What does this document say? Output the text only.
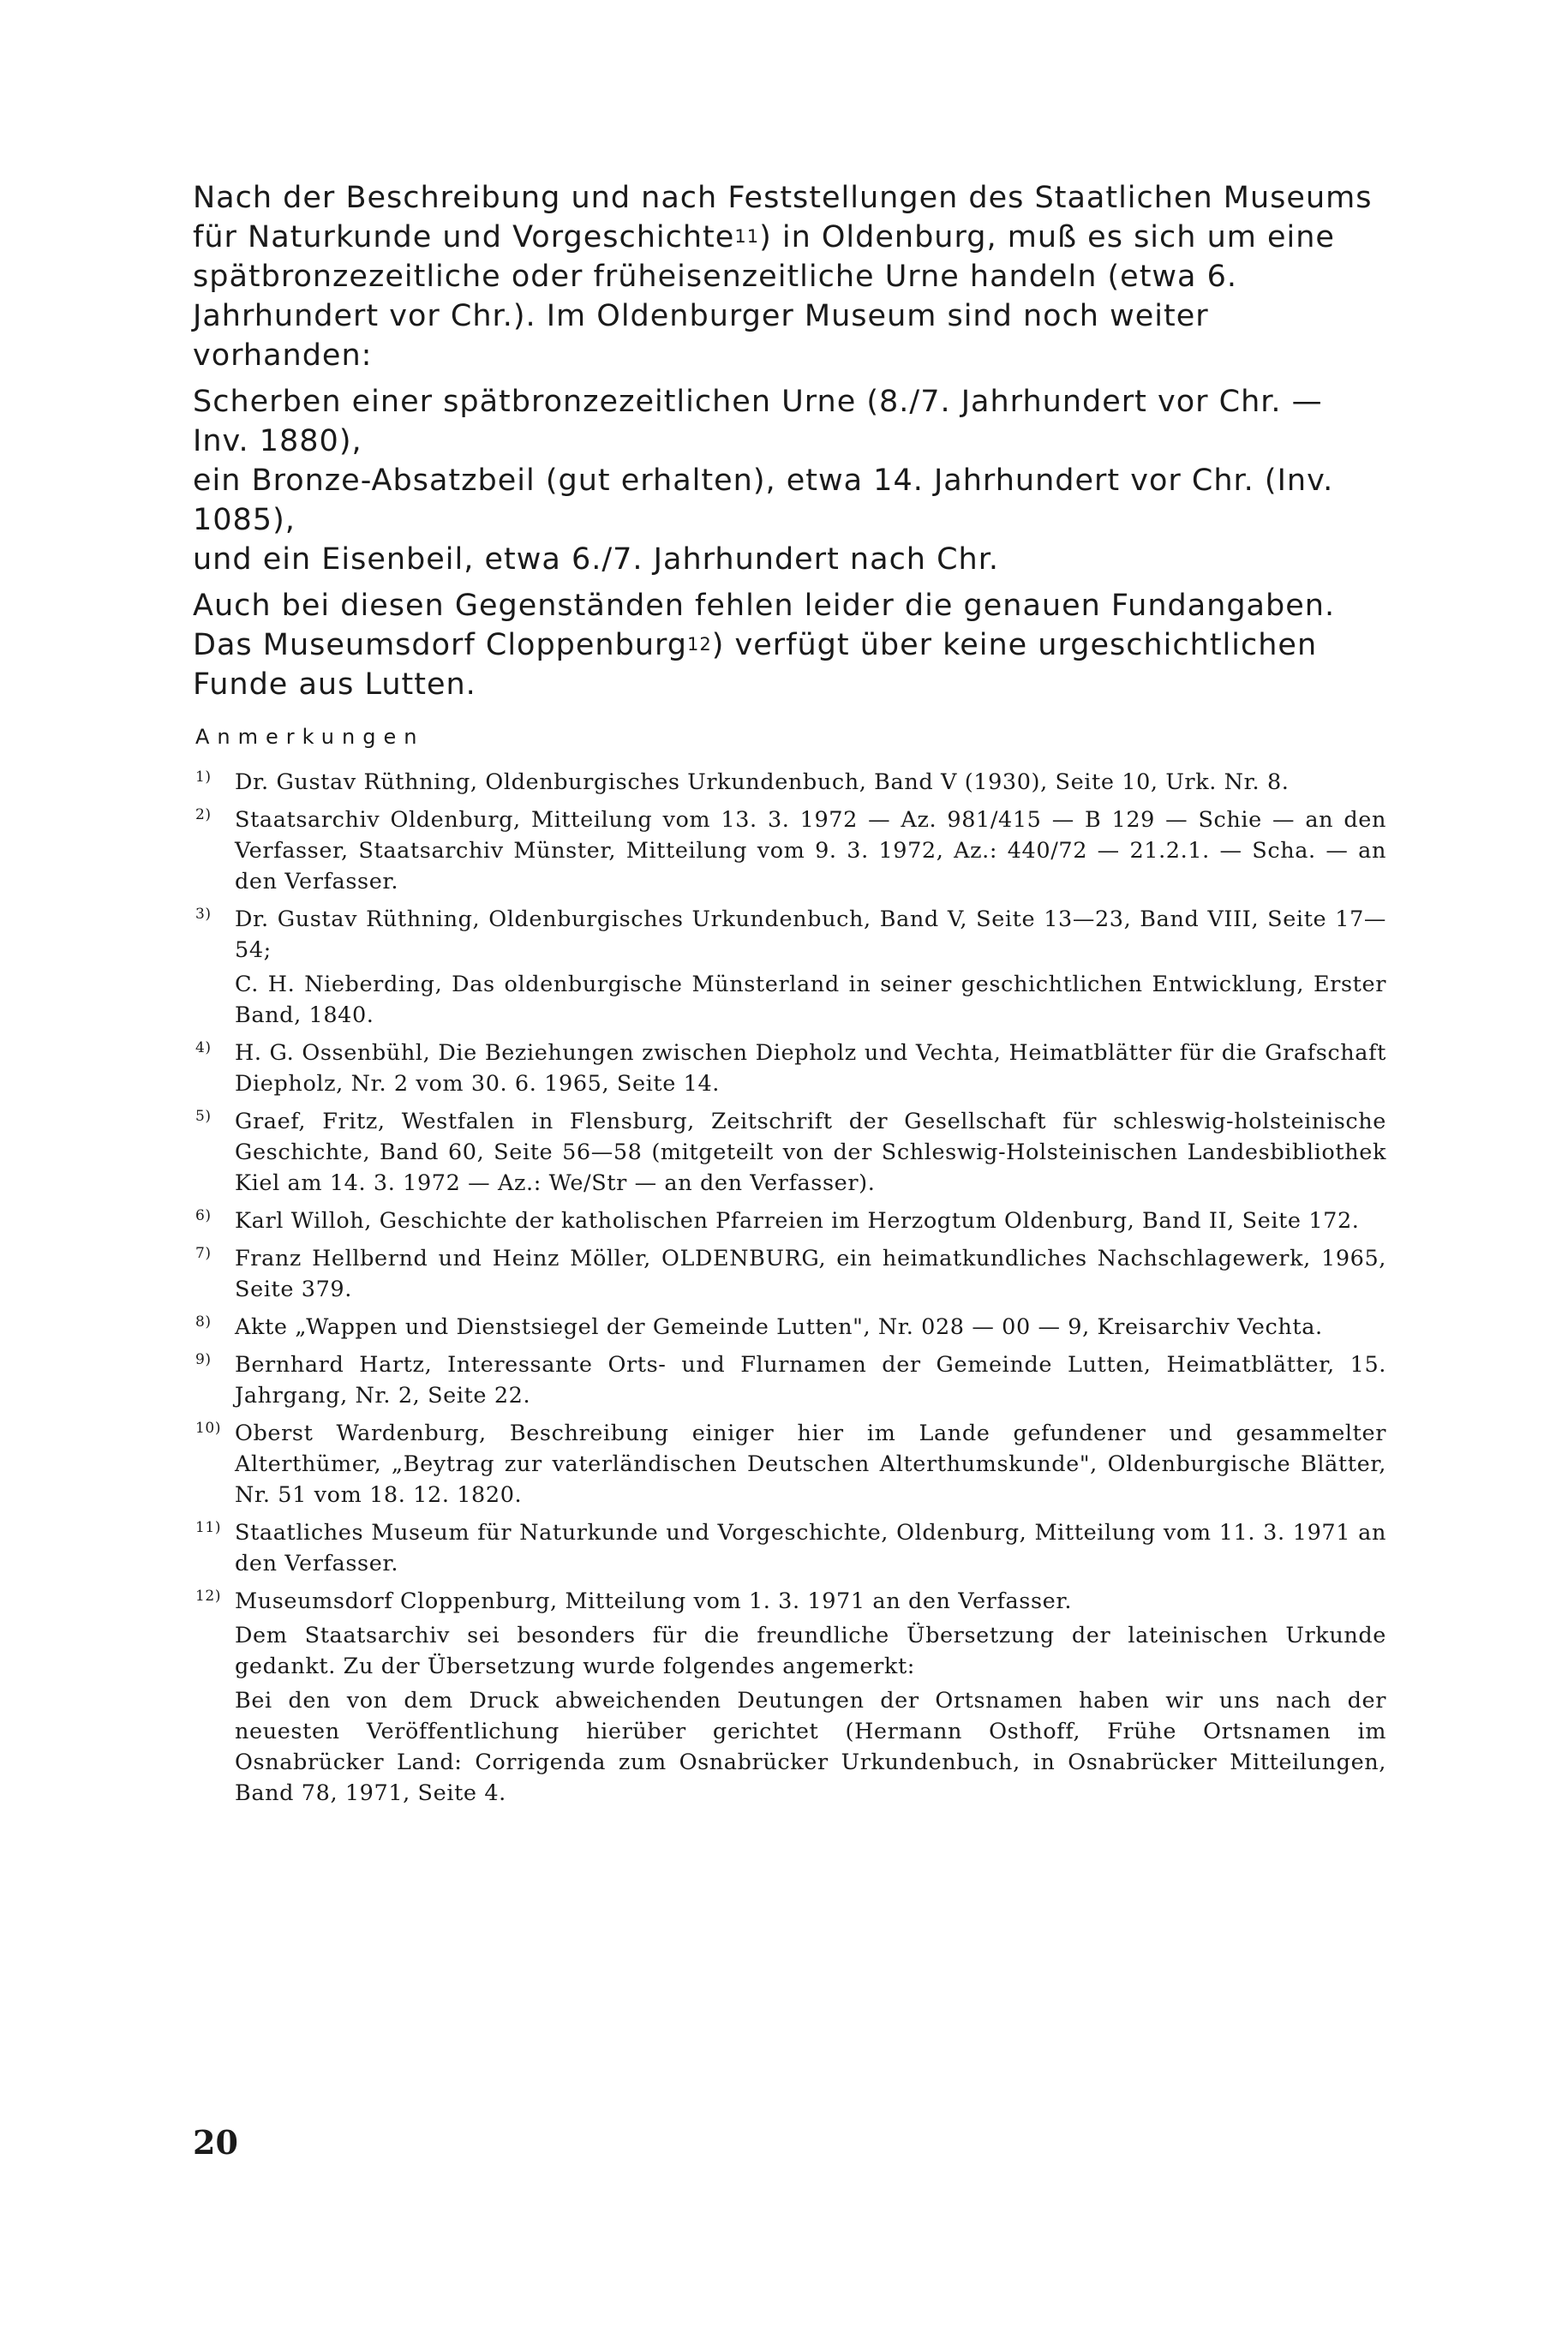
Nach der Beschreibung und nach Feststellungen des Staatlichen Museums für Naturkunde und Vorgeschichte$^{11}$) in Oldenburg, muß es sich um eine spätbronzezeitliche oder früheisenzeitliche Urne handeln (etwa 6. Jahrhundert vor Chr.). Im Oldenburger Museum sind noch weiter vorhanden:

Scherben einer spätbronzezeitlichen Urne (8./7. Jahrhundert vor Chr. — Inv. 1880),

ein Bronze-Absatzbeil (gut erhalten), etwa 14. Jahrhundert vor Chr. (Inv. 1085),

und ein Eisenbeil, etwa 6./7. Jahrhundert nach Chr.

Auch bei diesen Gegenständen fehlen leider die genauen Fundangaben.

Das Museumsdorf Cloppenburg$^{12}$) verfügt über keine urgeschichtlichen Funde aus Lutten.

Anmerkungen
1)	Dr. Gustav Rüthning, Oldenburgisches Urkundenbuch, Band V (1930), Seite 10, Urk. Nr. 8.

2)	Staatsarchiv Oldenburg, Mitteilung vom 13. 3. 1972 — Az. 981/415 — B 129 — Schie — an den Verfasser, Staatsarchiv Münster, Mitteilung vom 9. 3. 1972, Az.: 440/72 — 21.2.1. — Scha. — an den Verfasser.

3)	Dr. Gustav Rüthning, Oldenburgisches Urkundenbuch, Band V, Seite 13—23, Band VIII, Seite 17—54;

C. H. Nieberding, Das oldenburgische Münsterland in seiner geschichtlichen Entwicklung, Erster Band, 1840.

4)	H. G. Ossenbühl, Die Beziehungen zwischen Diepholz und Vechta, Heimatblätter für die Grafschaft Diepholz, Nr. 2 vom 30. 6. 1965, Seite 14.

5)	Graef, Fritz, Westfalen in Flensburg, Zeitschrift der Gesellschaft für schleswig-holsteinische Geschichte, Band 60, Seite 56—58 (mitgeteilt von der Schleswig-Holsteinischen Landesbibliothek Kiel am 14. 3. 1972 — Az.: We/Str — an den Verfasser).

6)	Karl Willoh, Geschichte der katholischen Pfarreien im Herzogtum Oldenburg, Band II, Seite 172.

7)	Franz Hellbernd und Heinz Möller, OLDENBURG, ein heimatkundliches Nachschlagewerk, 1965, Seite 379.

8)	Akte „Wappen und Dienstsiegel der Gemeinde Lutten", Nr. 028 — 00 — 9, Kreisarchiv Vechta.

9)	Bernhard Hartz, Interessante Orts- und Flurnamen der Gemeinde Lutten, Heimatblätter, 15. Jahrgang, Nr. 2, Seite 22.

10) Oberst Wardenburg, Beschreibung einiger hier im Lande gefundener und gesammelter Alterthümer, „Beytrag zur vaterländischen Deutschen Alterthumskunde", Oldenburgische Blätter, Nr. 51 vom 18. 12. 1820.

11) Staatliches Museum für Naturkunde und Vorgeschichte, Oldenburg, Mitteilung vom 11. 3. 1971 an den Verfasser.

12) Museumsdorf Cloppenburg, Mitteilung vom 1. 3. 1971 an den Verfasser.

Dem Staatsarchiv sei besonders für die freundliche Übersetzung der lateinischen Urkunde gedankt. Zu der Übersetzung wurde folgendes angemerkt:

Bei den von dem Druck abweichenden Deutungen der Ortsnamen haben wir uns nach der neuesten Veröffentlichung hierüber gerichtet (Hermann Osthoff, Frühe Ortsnamen im Osnabrücker Land: Corrigenda zum Osnabrücker Urkundenbuch, in Osnabrücker Mitteilungen, Band 78, 1971, Seite 4.

20
